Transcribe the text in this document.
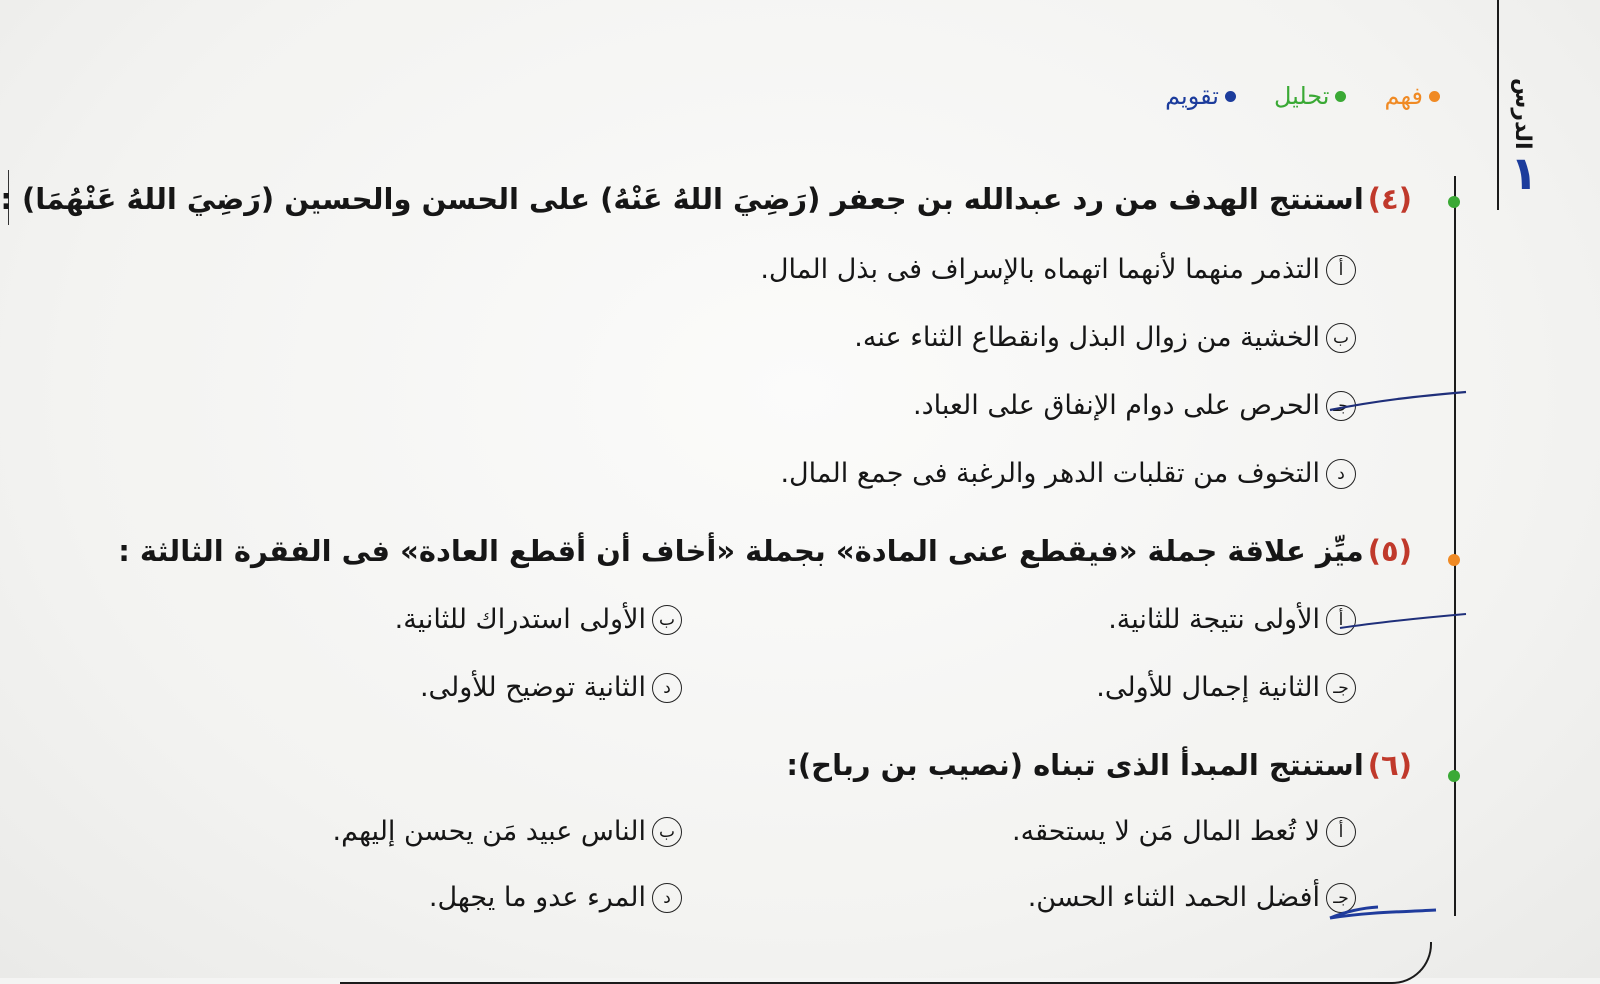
الدرس
١
فهم
تحليل
تقويم
(٤)استنتج الهدف من رد عبدالله بن جعفر (رَضِيَ اللهُ عَنْهُ) على الحسن والحسين (رَضِيَ اللهُ عَنْهُمَا) :
أ
التذمر منهما لأنهما اتهماه بالإسراف فى بذل المال.
ب
الخشية من زوال البذل وانقطاع الثناء عنه.
جـ
الحرص على دوام الإنفاق على العباد.
د
التخوف من تقلبات الدهر والرغبة فى جمع المال.
(٥)ميِّز علاقة جملة «فيقطع عنى المادة» بجملة «أخاف أن أقطع العادة» فى الفقرة الثالثة :
أ
الأولى نتيجة للثانية.
ب
الأولى استدراك للثانية.
جـ
الثانية إجمال للأولى.
د
الثانية توضيح للأولى.
(٦)استنتج المبدأ الذى تبناه (نصيب بن رباح):
أ
لا تُعط المال مَن لا يستحقه.
ب
الناس عبيد مَن يحسن إليهم.
جـ
أفضل الحمد الثناء الحسن.
د
المرء عدو ما يجهل.
